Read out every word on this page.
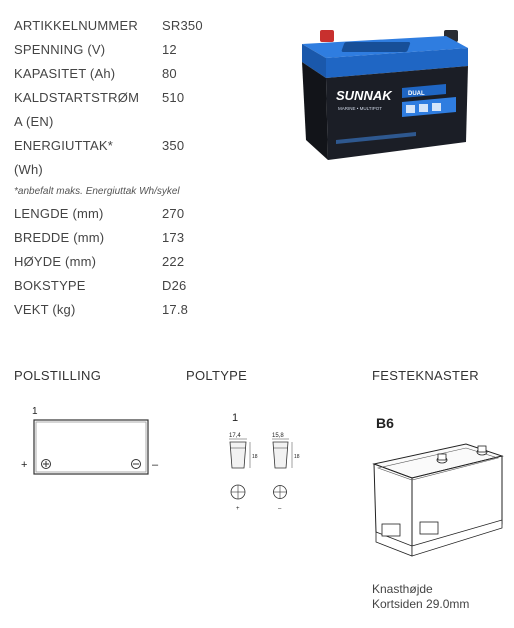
ARTIKKELNUMMER	SR350
SPENNING (V)	12
KAPASITET (Ah)	80
KALDSTARTSTRØM	510
A (EN)
ENERGIUTTAK*	350
(Wh)
*anbefalt maks. Energiuttak Wh/sykel
LENGDE (mm)	270
BREDDE (mm)	173
HØYDE (mm)	222
BOKSTYPE	D26
VEKT (kg)	17.8
SUNNAK
MARINE • MULTIPOT
DUAL
POLSTILLING	POLTYPE	FESTEKNASTER
1
+	–
1
17,4	15,8
18	18
+	–
B6
Knasthøjde
Kortsiden 29.0mm
